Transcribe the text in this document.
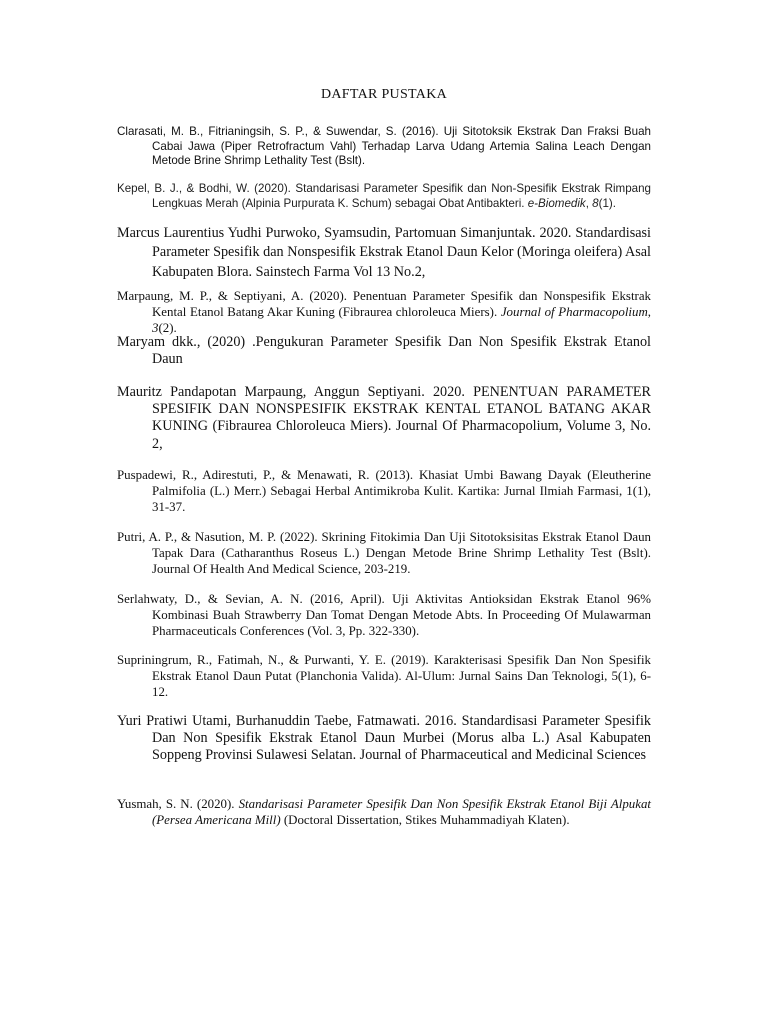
DAFTAR PUSTAKA

Clarasati, M. B., Fitrianingsih, S. P., & Suwendar, S. (2016). Uji Sitotoksik Ekstrak Dan Fraksi Buah Cabai Jawa (Piper Retrofractum Vahl) Terhadap Larva Udang Artemia Salina Leach Dengan Metode Brine Shrimp Lethality Test (Bslt).

Kepel, B. J., & Bodhi, W. (2020). Standarisasi Parameter Spesifik dan Non-Spesifik Ekstrak Rimpang Lengkuas Merah (Alpinia Purpurata K. Schum) sebagai Obat Antibakteri. e-Biomedik, 8(1).

Marcus Laurentius Yudhi Purwoko, Syamsudin, Partomuan Simanjuntak. 2020. Standardisasi Parameter Spesifik dan Nonspesifik Ekstrak Etanol Daun Kelor (Moringa oleifera) Asal Kabupaten Blora. Sainstech Farma Vol 13 No.2,

Marpaung, M. P., & Septiyani, A. (2020). Penentuan Parameter Spesifik dan Nonspesifik Ekstrak Kental Etanol Batang Akar Kuning (Fibraurea chloroleuca Miers). Journal of Pharmacopolium, 3(2).

Maryam dkk., (2020) .Pengukuran Parameter Spesifik Dan Non Spesifik Ekstrak Etanol Daun

Mauritz Pandapotan Marpaung, Anggun Septiyani. 2020. PENENTUAN PARAMETER SPESIFIK DAN NONSPESIFIK EKSTRAK KENTAL ETANOL BATANG AKAR KUNING (Fibraurea Chloroleuca Miers). Journal Of Pharmacopolium, Volume 3, No. 2,

Puspadewi, R., Adirestuti, P., & Menawati, R. (2013). Khasiat Umbi Bawang Dayak (Eleutherine Palmifolia (L.) Merr.) Sebagai Herbal Antimikroba Kulit. Kartika: Jurnal Ilmiah Farmasi, 1(1), 31-37.

Putri, A. P., & Nasution, M. P. (2022). Skrining Fitokimia Dan Uji Sitotoksisitas Ekstrak Etanol Daun Tapak Dara (Catharanthus Roseus L.) Dengan Metode Brine Shrimp Lethality Test (Bslt). Journal Of Health And Medical Science, 203-219.

Serlahwaty, D., & Sevian, A. N. (2016, April). Uji Aktivitas Antioksidan Ekstrak Etanol 96% Kombinasi Buah Strawberry Dan Tomat Dengan Metode Abts. In Proceeding Of Mulawarman Pharmaceuticals Conferences (Vol. 3, Pp. 322-330).

Supriningrum, R., Fatimah, N., & Purwanti, Y. E. (2019). Karakterisasi Spesifik Dan Non Spesifik Ekstrak Etanol Daun Putat (Planchonia Valida). Al-Ulum: Jurnal Sains Dan Teknologi, 5(1), 6-12.

Yuri Pratiwi Utami, Burhanuddin Taebe, Fatmawati. 2016. Standardisasi Parameter Spesifik Dan Non Spesifik Ekstrak Etanol Daun Murbei (Morus alba L.) Asal Kabupaten Soppeng Provinsi Sulawesi Selatan. Journal of Pharmaceutical and Medicinal Sciences

Yusmah, S. N. (2020). Standarisasi Parameter Spesifik Dan Non Spesifik Ekstrak Etanol Biji Alpukat (Persea Americana Mill) (Doctoral Dissertation, Stikes Muhammadiyah Klaten).
